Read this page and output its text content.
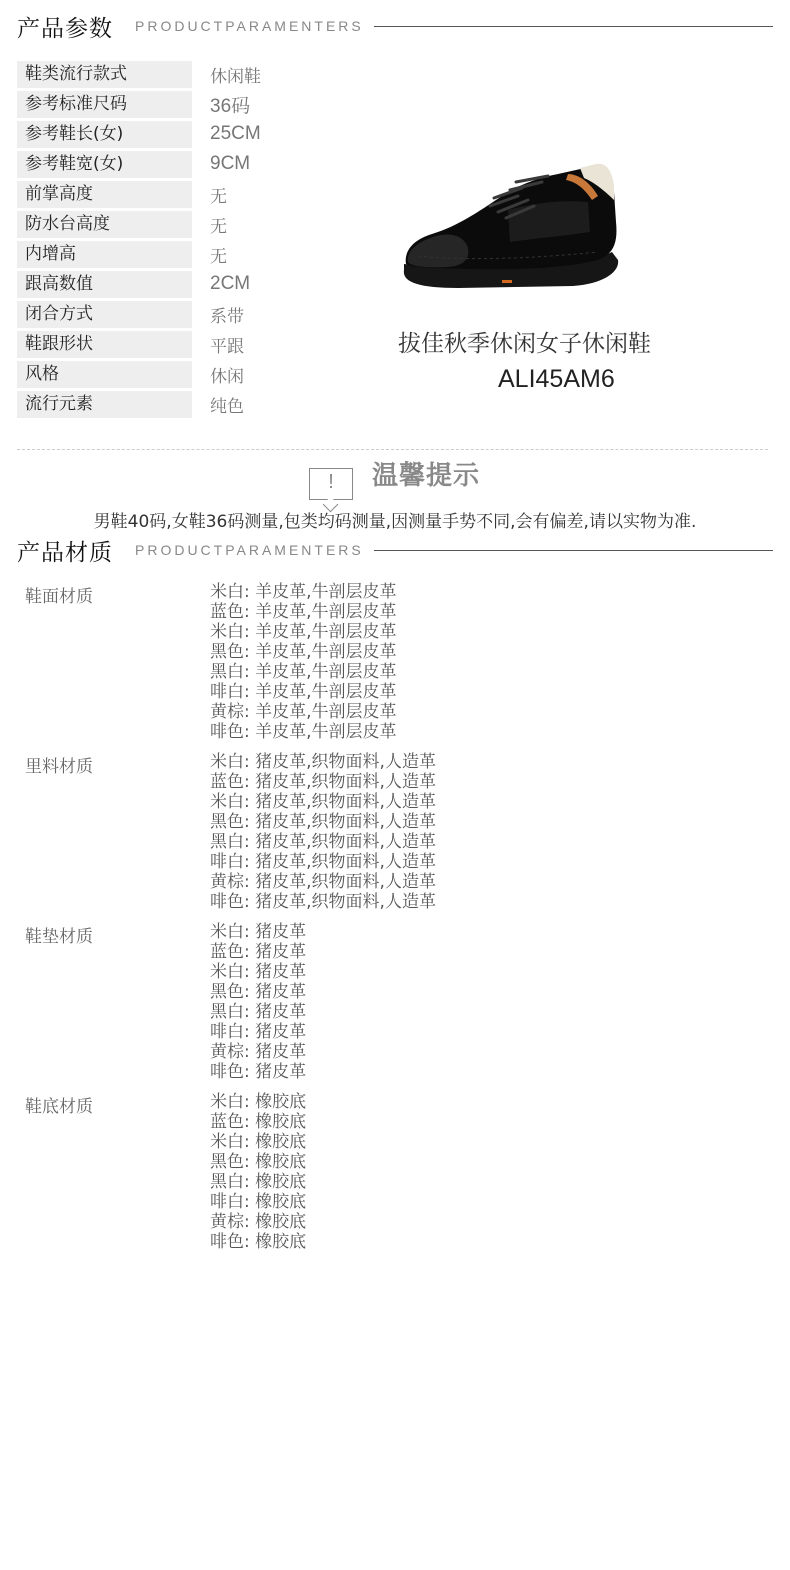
产品参数 PRODUCTPARAMENTERS
鞋类流行款式	休闲鞋
参考标准尺码	36码
参考鞋长(女)	25CM
参考鞋宽(女)	9CM
前掌高度	无
防水台高度	无
内增高	无
跟高数值	2CM
闭合方式	系带
鞋跟形状	平跟
风格	休闲
流行元素	纯色
拔佳秋季休闲女子休闲鞋
ALI45AM6
!	温馨提示
男鞋40码,女鞋36码测量,包类均码测量,因测量手势不同,会有偏差,请以实物为准.
产品材质 PRODUCTPARAMENTERS
鞋面材质	米白: 羊皮革,牛剖层皮革
蓝色: 羊皮革,牛剖层皮革
米白: 羊皮革,牛剖层皮革
黑色: 羊皮革,牛剖层皮革
黑白: 羊皮革,牛剖层皮革
啡白: 羊皮革,牛剖层皮革
黄棕: 羊皮革,牛剖层皮革
啡色: 羊皮革,牛剖层皮革
里料材质	米白: 猪皮革,织物面料,人造革
蓝色: 猪皮革,织物面料,人造革
米白: 猪皮革,织物面料,人造革
黑色: 猪皮革,织物面料,人造革
黑白: 猪皮革,织物面料,人造革
啡白: 猪皮革,织物面料,人造革
黄棕: 猪皮革,织物面料,人造革
啡色: 猪皮革,织物面料,人造革
鞋垫材质	米白: 猪皮革
蓝色: 猪皮革
米白: 猪皮革
黑色: 猪皮革
黑白: 猪皮革
啡白: 猪皮革
黄棕: 猪皮革
啡色: 猪皮革
鞋底材质	米白: 橡胶底
蓝色: 橡胶底
米白: 橡胶底
黑色: 橡胶底
黑白: 橡胶底
啡白: 橡胶底
黄棕: 橡胶底
啡色: 橡胶底
